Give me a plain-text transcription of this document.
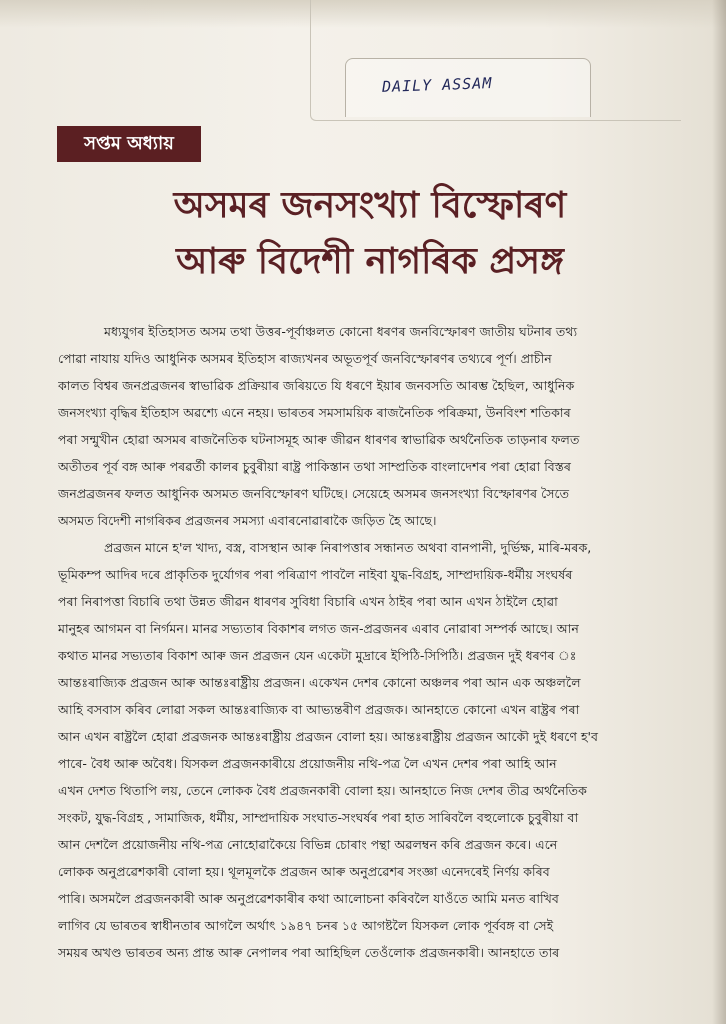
DAILY ASSAM
সপ্তম অধ্যায়
অসমৰ জনসংখ্যা বিস্ফোৰণ
আৰু বিদেশী নাগৰিক প্ৰসঙ্গ
মধ্যযুগৰ ইতিহাসত অসম তথা উত্তৰ-পূৰ্বাঞ্চলত কোনো ধৰণৰ জনবিস্ফোৰণ জাতীয় ঘটনাৰ তথ্য
পোৱা নাযায় যদিও আধুনিক অসমৰ ইতিহাস ৰাজ্যখনৰ অভূতপূৰ্ব জনবিস্ফোৰণৰ তথ্যৰে পূৰ্ণ। প্ৰাচীন
কালত বিশ্বৰ জনপ্ৰব্ৰজনৰ স্বাভাৱিক প্ৰক্ৰিয়াৰ জৰিয়তে যি ধৰণে ইয়াৰ জনবসতি আৰম্ভ হৈছিল, আধুনিক
জনসংখ্যা বৃদ্ধিৰ ইতিহাস অৱশ্যে এনে নহয়। ভাৰতৰ সমসাময়িক ৰাজনৈতিক পৰিক্ৰমা, উনবিংশ শতিকাৰ
পৰা সন্মুখীন হোৱা অসমৰ ৰাজনৈতিক ঘটনাসমূহ আৰু জীৱন ধাৰণৰ স্বাভাৱিক অৰ্থনৈতিক তাড়নাৰ ফলত
অতীতৰ পূৰ্ব বঙ্গ আৰু পৰৱৰ্তী কালৰ চুবুৰীয়া ৰাষ্ট্ৰ পাকিস্তান তথা সাম্প্ৰতিক বাংলাদেশৰ পৰা হোৱা বিস্তৰ
জনপ্ৰব্ৰজনৰ ফলত আধুনিক অসমত জনবিস্ফোৰণ ঘটিছে। সেয়েহে অসমৰ জনসংখ্যা বিস্ফোৰণৰ সৈতে
অসমত বিদেশী নাগৰিকৰ প্ৰব্ৰজনৰ সমস্যা এবাৰনোৱাৰাকৈ জড়িত হৈ আছে।
প্ৰব্ৰজন মানে হ'ল খাদ্য, বস্ত্ৰ, বাসস্থান আৰু নিৰাপত্তাৰ সন্ধানত অথবা বানপানী, দুৰ্ভিক্ষ, মাৰি-মৰক,
ভূমিকম্প আদিৰ দৰে প্ৰাকৃতিক দুৰ্যোগৰ পৰা পৰিত্ৰাণ পাবলৈ নাইবা যুদ্ধ-বিগ্ৰহ, সাম্প্ৰদায়িক-ধৰ্মীয় সংঘৰ্ষৰ
পৰা নিৰাপত্তা বিচাৰি তথা উন্নত জীৱন ধাৰণৰ সুবিধা বিচাৰি এখন ঠাইৰ পৰা আন এখন ঠাইলৈ হোৱা
মানুহৰ আগমন বা নিৰ্গমন। মানৱ সভ্যতাৰ বিকাশৰ লগত জন-প্ৰব্ৰজনৰ এৰাব নোৱাৰা সম্পৰ্ক আছে। আন
কথাত মানৱ সভ্যতাৰ বিকাশ আৰু জন প্ৰব্ৰজন যেন একেটা মুদ্ৰাৰে ইপিঠি-সিপিঠি। প্ৰব্ৰজন দুই ধৰণৰ ঃ
আন্তঃৰাজ্যিক প্ৰব্ৰজন আৰু আন্তঃৰাষ্ট্ৰীয় প্ৰব্ৰজন। একেখন দেশৰ কোনো অঞ্চলৰ পৰা আন এক অঞ্চললৈ
আহি বসবাস কৰিব লোৱা সকল আন্তঃৰাজ্যিক বা আভ্যন্তৰীণ প্ৰব্ৰজক। আনহাতে কোনো এখন ৰাষ্ট্ৰৰ পৰা
আন এখন ৰাষ্ট্ৰলৈ হোৱা প্ৰব্ৰজনক আন্তঃৰাষ্ট্ৰীয় প্ৰব্ৰজন বোলা হয়। আন্তঃৰাষ্ট্ৰীয় প্ৰব্ৰজন আকৌ দুই ধৰণে হ'ব
পাৰে- বৈধ আৰু অবৈধ। যিসকল প্ৰব্ৰজনকাৰীয়ে প্ৰয়োজনীয় নথি-পত্ৰ লৈ এখন দেশৰ পৰা আহি আন
এখন দেশত থিতাপি লয়, তেনে লোকক বৈধ প্ৰব্ৰজনকাৰী বোলা হয়। আনহাতে নিজ দেশৰ তীব্ৰ অৰ্থনৈতিক
সংকট, যুদ্ধ-বিগ্ৰহ , সামাজিক, ধৰ্মীয়, সাম্প্ৰদায়িক সংঘাত-সংঘৰ্ষৰ পৰা হাত সাৰিবলৈ বহুলোকে চুবুৰীয়া বা
আন দেশলৈ প্ৰয়োজনীয় নথি-পত্ৰ নোহোৱাকৈয়ে বিভিন্ন চোৰাং পন্থা অৱলম্বন কৰি প্ৰব্ৰজন কৰে। এনে
লোকক অনুপ্ৰৱেশকাৰী বোলা হয়। থূলমূলকৈ প্ৰব্ৰজন আৰু অনুপ্ৰৱেশৰ সংজ্ঞা এনেদৰেই নিৰ্ণয় কৰিব
পাৰি। অসমলৈ প্ৰব্ৰজনকাৰী আৰু অনুপ্ৰৱেশকাৰীৰ কথা আলোচনা কৰিবলৈ যাওঁতে আমি মনত ৰাখিব
লাগিব যে ভাৰতৰ স্বাধীনতাৰ আগলৈ অৰ্থাৎ ১৯৪৭ চনৰ ১৫ আগষ্টলৈ যিসকল লোক পূৰ্ববঙ্গ বা সেই
সময়ৰ অখণ্ড ভাৰতৰ অন্য প্ৰান্ত আৰু নেপালৰ পৰা আহিছিল তেওঁলোক প্ৰব্ৰজনকাৰী। আনহাতে তাৰ
